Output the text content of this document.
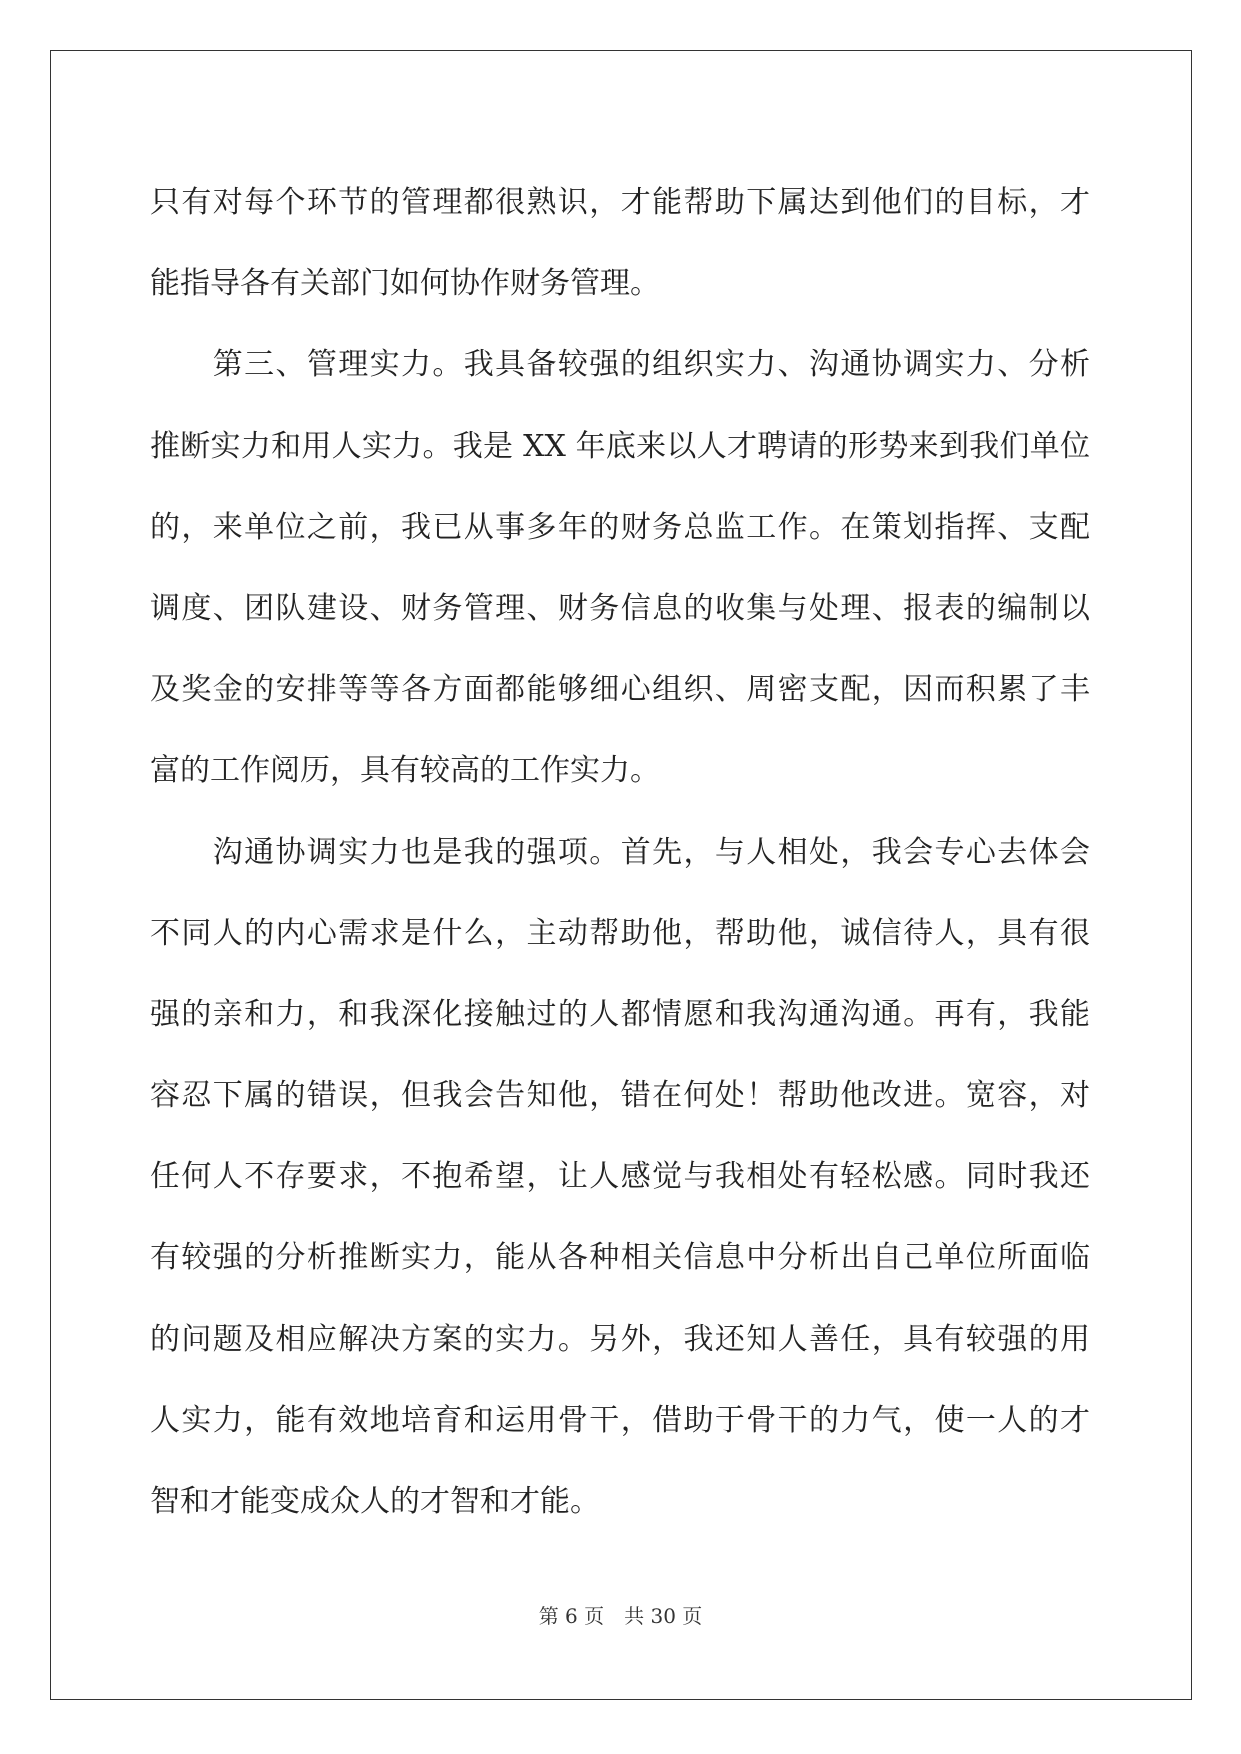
只有对每个环节的管理都很熟识，才能帮助下属达到他们的目标，才
能指导各有关部门如何协作财务管理。
　　第三、管理实力。我具备较强的组织实力、沟通协调实力、分析
推断实力和用人实力。我是 XX 年底来以人才聘请的形势来到我们单位
的，来单位之前，我已从事多年的财务总监工作。在策划指挥、支配
调度、团队建设、财务管理、财务信息的收集与处理、报表的编制以
及奖金的安排等等各方面都能够细心组织、周密支配，因而积累了丰
富的工作阅历，具有较高的工作实力。
　　沟通协调实力也是我的强项。首先，与人相处，我会专心去体会
不同人的内心需求是什么，主动帮助他，帮助他，诚信待人，具有很
强的亲和力，和我深化接触过的人都情愿和我沟通沟通。再有，我能
容忍下属的错误，但我会告知他，错在何处！帮助他改进。宽容，对
任何人不存要求，不抱希望，让人感觉与我相处有轻松感。同时我还
有较强的分析推断实力，能从各种相关信息中分析出自己单位所面临
的问题及相应解决方案的实力。另外，我还知人善任，具有较强的用
人实力，能有效地培育和运用骨干，借助于骨干的力气，使一人的才
智和才能变成众人的才智和才能。
第 6 页　共 30 页
